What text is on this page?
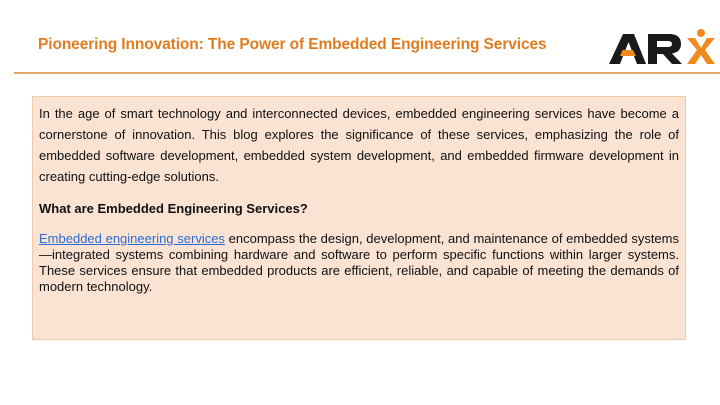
Pioneering Innovation: The Power of Embedded Engineering Services

In the age of smart technology and interconnected devices, embedded engineering services have become a cornerstone of innovation. This blog explores the significance of these services, emphasizing the role of embedded software development, embedded system development, and embedded firmware development in creating cutting-edge solutions.

What are Embedded Engineering Services?

Embedded engineering services encompass the design, development, and maintenance of embedded systems—integrated systems combining hardware and software to perform specific functions within larger systems. These services ensure that embedded products are efficient, reliable, and capable of meeting the demands of modern technology.
